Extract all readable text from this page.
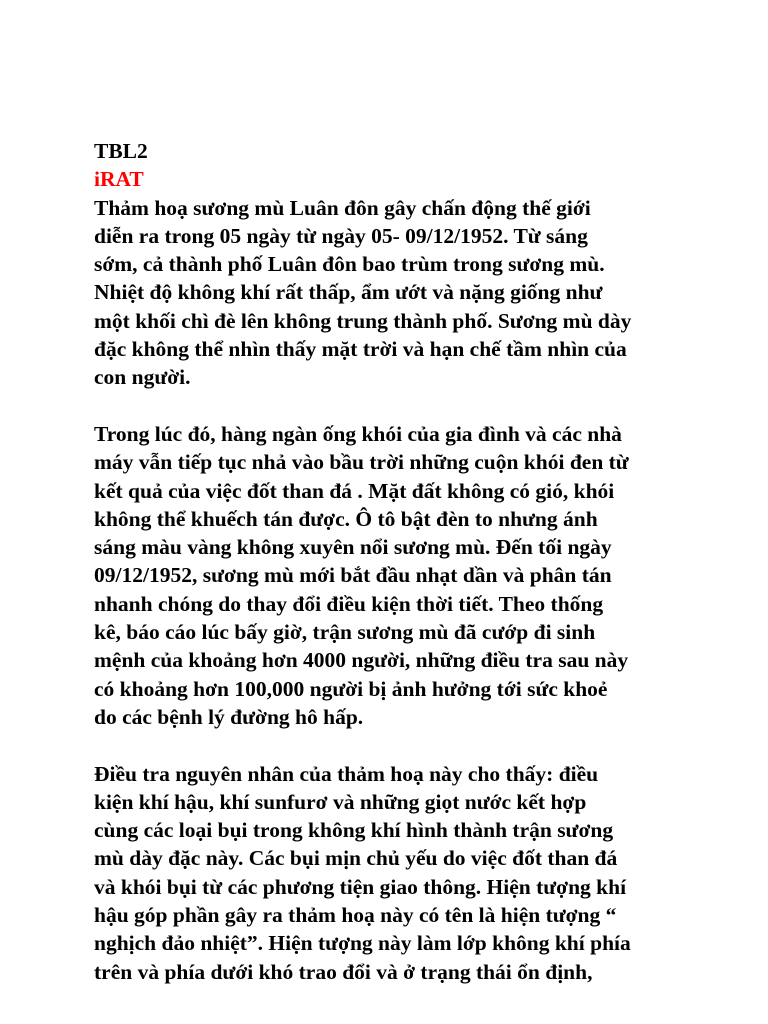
TBL2
iRAT
Thảm hoạ sương mù Luân đôn gây chấn động thế giới
diễn ra trong 05 ngày từ ngày 05- 09/12/1952. Từ sáng
sớm, cả thành phố Luân đôn bao trùm trong sương mù.
Nhiệt độ không khí rất thấp, ẩm ướt và nặng giống như
một khối chì đè lên không trung thành phố. Sương mù dày
đặc không thể nhìn thấy mặt trời và hạn chế tầm nhìn của
con người.
Trong lúc đó, hàng ngàn ống khói của gia đình và các nhà
máy vẫn tiếp tục nhả vào bầu trời những cuộn khói đen từ
kết quả của việc đốt than đá . Mặt đất không có gió, khói
không thể khuếch tán được. Ô tô bật đèn to nhưng ánh
sáng màu vàng không xuyên nổi sương mù. Đến tối ngày
09/12/1952, sương mù mới bắt đầu nhạt dần và phân tán
nhanh chóng do thay đổi điều kiện thời tiết. Theo thống
kê, báo cáo lúc bấy giờ, trận sương mù đã cướp đi sinh
mệnh của khoảng hơn 4000 người, những điều tra sau này
có khoảng hơn 100,000 người bị ảnh hưởng tới sức khoẻ
do các bệnh lý đường hô hấp.
Điều tra nguyên nhân của thảm hoạ này cho thấy: điều
kiện khí hậu, khí sunfurơ và những giọt nước kết hợp
cùng các loại bụi trong không khí hình thành trận sương
mù dày đặc này. Các bụi mịn chủ yếu do việc đốt than đá
và khói bụi từ các phương tiện giao thông. Hiện tượng khí
hậu góp phần gây ra thảm hoạ này có tên là hiện tượng “
nghịch đảo nhiệt”. Hiện tượng này làm lớp không khí phía
trên và phía dưới khó trao đổi và ở trạng thái ổn định,
